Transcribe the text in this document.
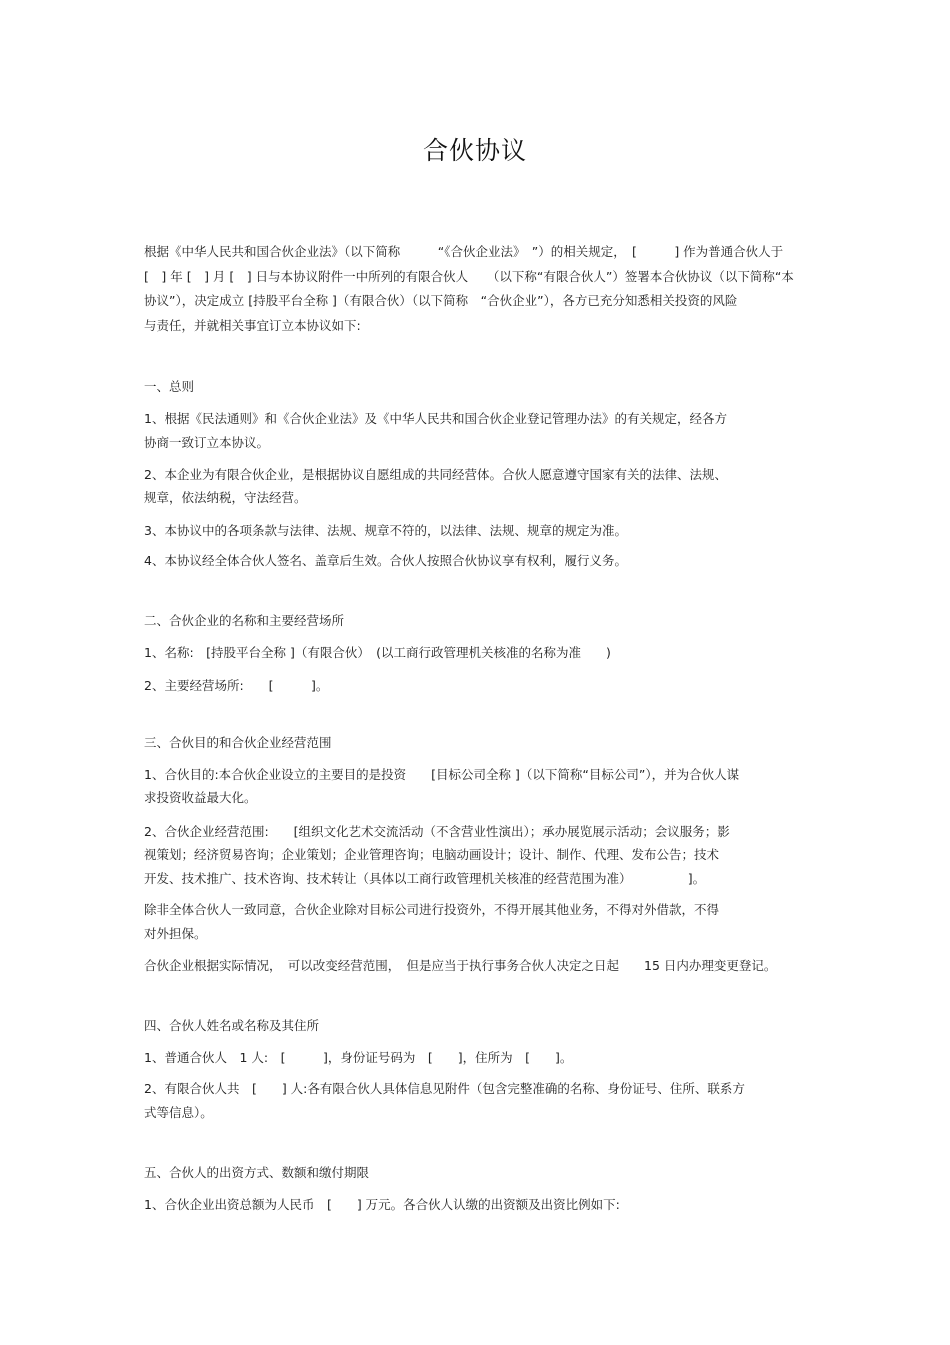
合伙协议
根据《中华人民共和国合伙企业法》（以下简称　　　“《合伙企业法》　”）的相关规定，　[　　　] 作为普通合伙人于
[　] 年 [　] 月 [　] 日与本协议附件一中所列的有限合伙人　　（以下称“有限合伙人”）签署本合伙协议（以下简称“本
协议”），决定成立 [持股平台全称 ]（有限合伙）（以下简称　“合伙企业”），各方已充分知悉相关投资的风险
与责任，并就相关事宜订立本协议如下:
一、总则
1、根据《民法通则》和《合伙企业法》及《中华人民共和国合伙企业登记管理办法》的有关规定，经各方
协商一致订立本协议。
2、本企业为有限合伙企业，是根据协议自愿组成的共同经营体。合伙人愿意遵守国家有关的法律、法规、
规章，依法纳税，守法经营。
3、本协议中的各项条款与法律、法规、规章不符的，以法律、法规、规章的规定为准。
4、本协议经全体合伙人签名、盖章后生效。合伙人按照合伙协议享有权利，履行义务。
二、合伙企业的名称和主要经营场所
1、名称:　[持股平台全称 ]（有限合伙）　(以工商行政管理机关核准的名称为准　　)
2、主要经营场所:　　[　　　]。
三、合伙目的和合伙企业经营范围
1、合伙目的:本合伙企业设立的主要目的是投资　　[目标公司全称 ]（以下简称“目标公司”），并为合伙人谋
求投资收益最大化。
2、合伙企业经营范围:　　[组织文化艺术交流活动（不含营业性演出）；承办展览展示活动；会议服务；影
视策划；经济贸易咨询；企业策划；企业管理咨询；电脑动画设计；设计、制作、代理、发布公告；技术
开发、技术推广、技术咨询、技术转让（具体以工商行政管理机关核准的经营范围为准）　　　　　]。
除非全体合伙人一致同意，合伙企业除对目标公司进行投资外，不得开展其他业务，不得对外借款，不得
对外担保。
合伙企业根据实际情况，　可以改变经营范围，　但是应当于执行事务合伙人决定之日起　　15 日内办理变更登记。
四、合伙人姓名或名称及其住所
1、普通合伙人　1 人:　[　　　]，身份证号码为　[　　]，住所为　[　　]。
2、有限合伙人共　[　　] 人:各有限合伙人具体信息见附件（包含完整准确的名称、身份证号、住所、联系方
式等信息）。
五、合伙人的出资方式、数额和缴付期限
1、合伙企业出资总额为人民币　[　　] 万元。各合伙人认缴的出资额及出资比例如下:
